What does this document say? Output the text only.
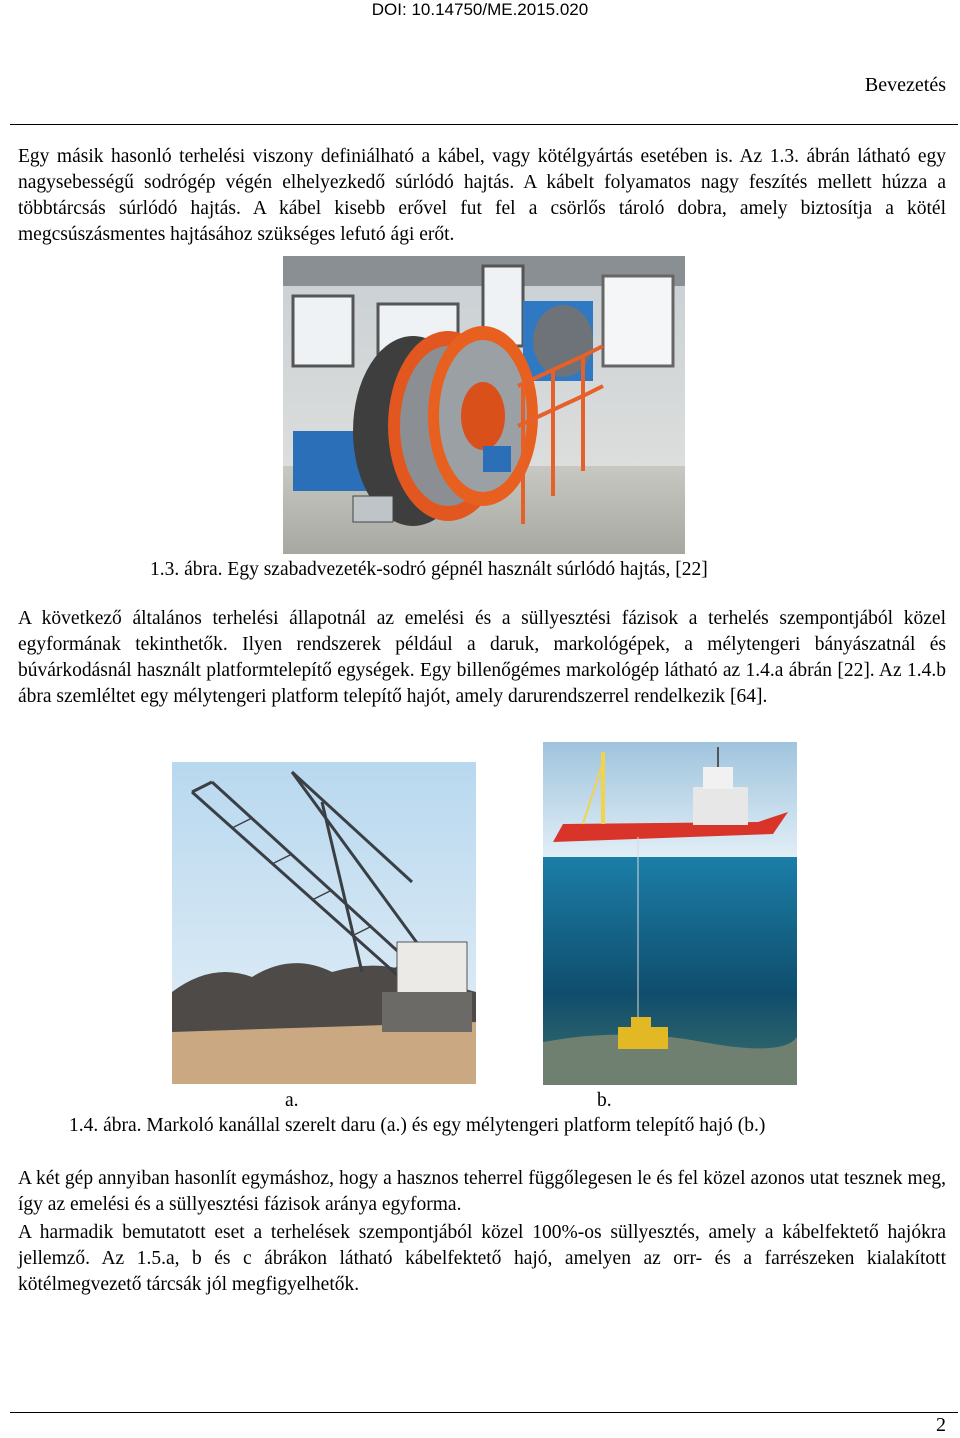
DOI: 10.14750/ME.2015.020
Bevezetés
Egy másik hasonló terhelési viszony definiálható a kábel, vagy kötélgyártás esetében is. Az 1.3. ábrán látható egy nagysebességű sodrógép végén elhelyezkedő súrlódó hajtás. A kábelt folyamatos nagy feszítés mellett húzza a többtárcsás súrlódó hajtás. A kábel kisebb erővel fut fel a csörlős tároló dobra, amely biztosítja a kötél megcsúszásmentes hajtásához szükséges lefutó ági erőt.
1.3. ábra. Egy szabadvezeték-sodró gépnél használt súrlódó hajtás, [22]
A következő általános terhelési állapotnál az emelési és a süllyesztési fázisok a terhelés szempontjából közel egyformának tekinthetők. Ilyen rendszerek például a daruk, markológépek, a mélytengeri bányászatnál és búvárkodásnál használt platformtelepítő egységek. Egy billenőgémes markológép látható az 1.4.a ábrán [22]. Az 1.4.b ábra szemléltet egy mélytengeri platform telepítő hajót, amely darurendszerrel rendelkezik [64].
a.	b.
1.4. ábra. Markoló kanállal szerelt daru (a.) és egy mélytengeri platform telepítő hajó (b.)
A két gép annyiban hasonlít egymáshoz, hogy a hasznos teherrel függőlegesen le és fel közel azonos utat tesznek meg, így az emelési és a süllyesztési fázisok aránya egyforma.
A harmadik bemutatott eset a terhelések szempontjából közel 100%-os süllyesztés, amely a kábelfektető hajókra jellemző. Az 1.5.a, b és c ábrákon látható kábelfektető hajó, amelyen az orr- és a farrészeken kialakított kötélmegvezető tárcsák jól megfigyelhetők.
2
